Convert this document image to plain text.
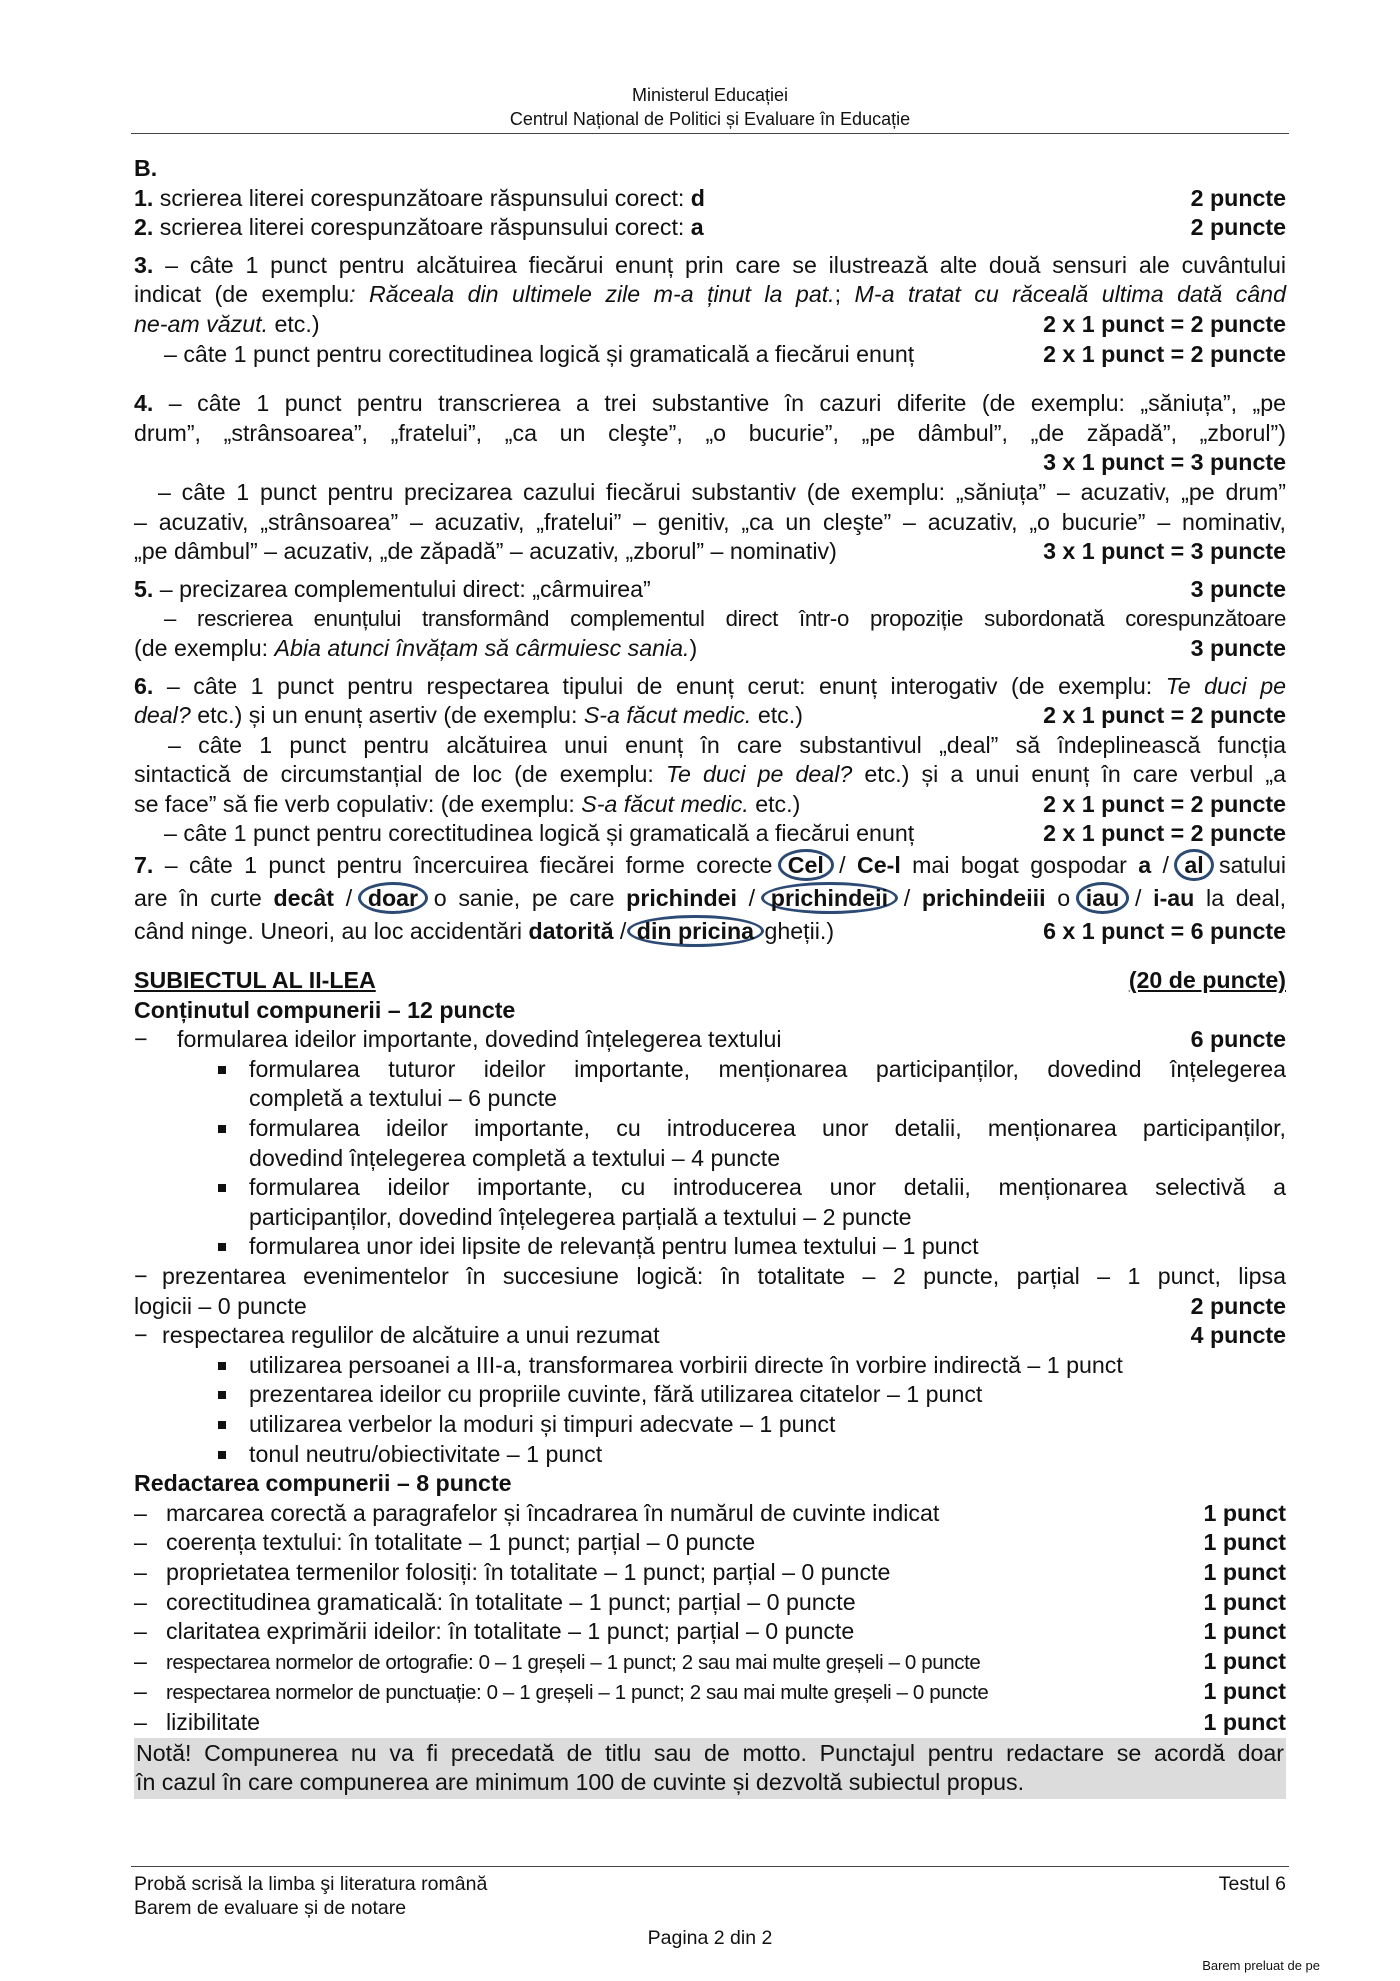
Ministerul Educației
Centrul Național de Politici și Evaluare în Educație
B.
1. scrierea literei corespunzătoare răspunsului corect: d	2 puncte
2. scrierea literei corespunzătoare răspunsului corect: a	2 puncte
3. – câte 1 punct pentru alcătuirea fiecărui enunț prin care se ilustrează alte două sensuri ale cuvântului
indicat (de exemplu: Răceala din ultimele zile m-a ținut la pat.; M-a tratat cu răceală ultima dată când
ne-am văzut. etc.)	2 x 1 punct = 2 puncte
– câte 1 punct pentru corectitudinea logică și gramaticală a fiecărui enunț	2 x 1 punct = 2 puncte
4. – câte 1 punct pentru transcrierea a trei substantive în cazuri diferite (de exemplu: „săniuța”, „pe
drum”, „strânsoarea”, „fratelui”, „ca un cleşte”, „o bucurie”, „pe dâmbul”, „de zăpadă”, „zborul”)
3 x 1 punct = 3 puncte
– câte 1 punct pentru precizarea cazului fiecărui substantiv (de exemplu: „săniuța” – acuzativ, „pe drum”
– acuzativ, „strânsoarea” – acuzativ, „fratelui” – genitiv, „ca un cleşte” – acuzativ, „o bucurie” – nominativ,
„pe dâmbul” – acuzativ, „de zăpadă” – acuzativ, „zborul” – nominativ)	3 x 1 punct = 3 puncte
5. – precizarea complementului direct: „cârmuirea”	3 puncte
– rescrierea enunțului transformând complementul direct într-o propoziție subordonată corespunzătoare
(de exemplu: Abia atunci învățam să cârmuiesc sania.)	3 puncte
6. – câte 1 punct pentru respectarea tipului de enunț cerut: enunț interogativ (de exemplu: Te duci pe
deal? etc.) și un enunț asertiv (de exemplu: S-a făcut medic. etc.)	2 x 1 punct = 2 puncte
– câte 1 punct pentru alcătuirea unui enunț în care substantivul „deal” să îndeplinească funcția
sintactică de circumstanțial de loc (de exemplu: Te duci pe deal? etc.) și a unui enunț în care verbul „a
se face” să fie verb copulativ: (de exemplu: S-a făcut medic. etc.)	2 x 1 punct = 2 puncte
– câte 1 punct pentru corectitudinea logică și gramaticală a fiecărui enunț	2 x 1 punct = 2 puncte
7. – câte 1 punct pentru încercuirea fiecărei forme corecte Cel / Ce-l mai bogat gospodar a / al satului
are în curte decât / doar o sanie, pe care prichindei / prichindeii / prichindeiii o iau / i-au la deal,
când ninge. Uneori, au loc accidentări datorită / din pricina gheții.)	6 x 1 punct = 6 puncte
SUBIECTUL AL II-LEA	(20 de puncte)
Conținutul compunerii – 12 puncte
− formularea ideilor importante, dovedind înțelegerea textului	6 puncte
formularea tuturor ideilor importante, menționarea participanților, dovedind înțelegerea
completă a textului – 6 puncte
formularea ideilor importante, cu introducerea unor detalii, menționarea participanților,
dovedind înțelegerea completă a textului – 4 puncte
formularea ideilor importante, cu introducerea unor detalii, menționarea selectivă a
participanților, dovedind înțelegerea parțială a textului – 2 puncte
formularea unor idei lipsite de relevanță pentru lumea textului – 1 punct
− prezentarea evenimentelor în succesiune logică: în totalitate – 2 puncte, parțial – 1 punct, lipsa
logicii – 0 puncte	2 puncte
− respectarea regulilor de alcătuire a unui rezumat	4 puncte
utilizarea persoanei a III-a, transformarea vorbirii directe în vorbire indirectă – 1 punct
prezentarea ideilor cu propriile cuvinte, fără utilizarea citatelor – 1 punct
utilizarea verbelor la moduri și timpuri adecvate – 1 punct
tonul neutru/obiectivitate – 1 punct
Redactarea compunerii – 8 puncte
– marcarea corectă a paragrafelor și încadrarea în numărul de cuvinte indicat	1 punct
– coerența textului: în totalitate – 1 punct; parțial – 0 puncte	1 punct
– proprietatea termenilor folosiți: în totalitate – 1 punct; parțial – 0 puncte	1 punct
– corectitudinea gramaticală: în totalitate – 1 punct; parțial – 0 puncte	1 punct
– claritatea exprimării ideilor: în totalitate – 1 punct; parțial – 0 puncte	1 punct
– respectarea normelor de ortografie: 0 – 1 greșeli – 1 punct; 2 sau mai multe greșeli – 0 puncte	1 punct
– respectarea normelor de punctuație: 0 – 1 greșeli – 1 punct; 2 sau mai multe greșeli – 0 puncte	1 punct
– lizibilitate	1 punct
Notă! Compunerea nu va fi precedată de titlu sau de motto. Punctajul pentru redactare se acordă doar
în cazul în care compunerea are minimum 100 de cuvinte și dezvoltă subiectul propus.
Probă scrisă la limba şi literatura română	Testul 6
Barem de evaluare și de notare
Pagina 2 din 2
Barem preluat de pe
